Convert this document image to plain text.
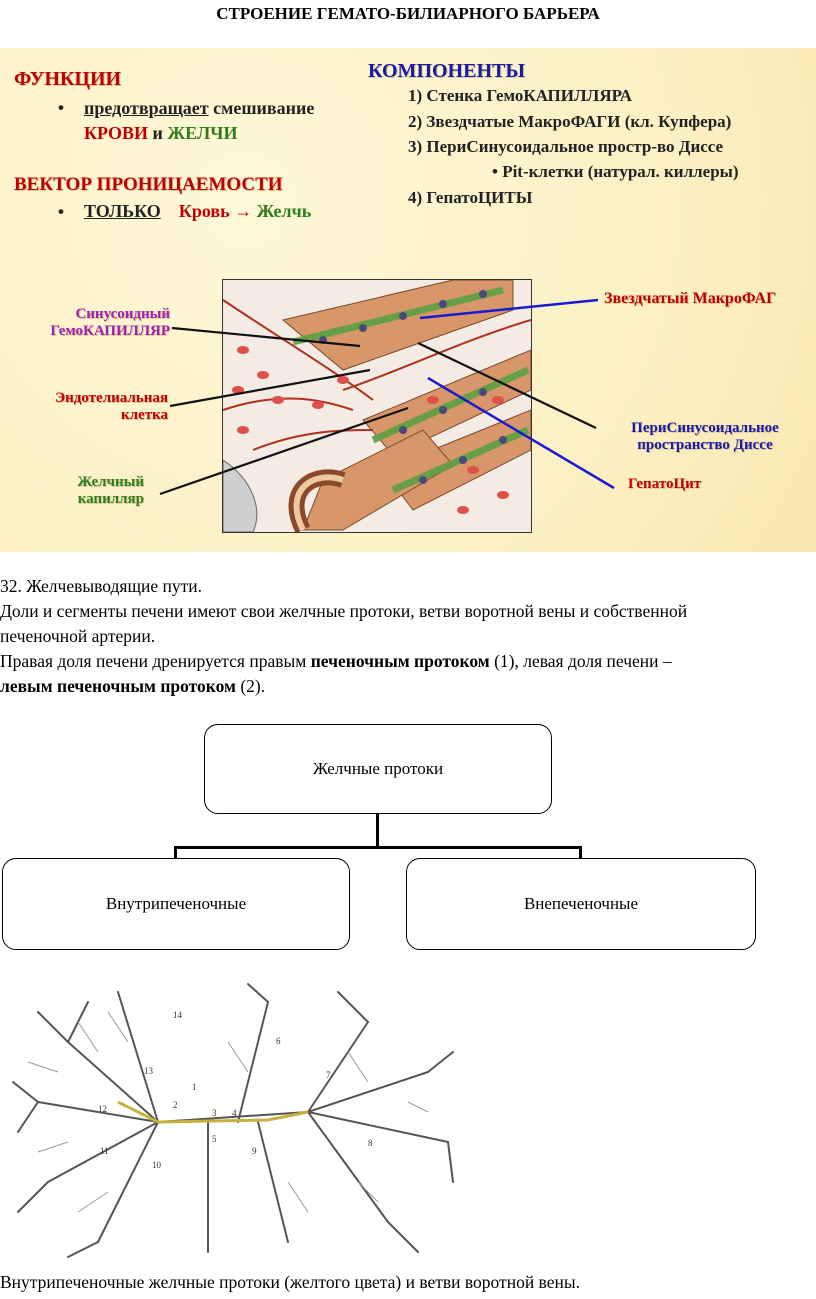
СТРОЕНИЕ ГЕМАТО-БИЛИАРНОГО БАРЬЕРА
ФУНКЦИИ
• предотвращает смешивание
КРОВИ и ЖЕЛЧИ
ВЕКТОР ПРОНИЦАЕМОСТИ
• ТОЛЬКО Кровь → Желчь
КОМПОНЕНТЫ
1) Стенка ГемоКАПИЛЛЯРА
2) Звездчатые МакроФАГИ (кл. Купфера)
3) ПериСинусоидальное простр-во Диссе
• Pit-клетки (натурал. киллеры)
4) ГепатоЦИТЫ
Синусоидный
ГемоКАПИЛЛЯР
Эндотелиальная
клетка
Желчный
капилляр
Звездчатый МакроФАГ
ПериСинусоидальное
пространство Диссе
ГепатоЦит
32. Желчевыводящие пути.
Доли и сегменты печени имеют свои желчные протоки, ветви воротной вены и собственной
печеночной артерии.
Правая доля печени дренируется правым печеночным протоком (1), левая доля печени –
левым печеночным протоком (2).
Желчные протоки
Внутрипеченочные	Внепеченочные
14
6
13	7
1
2
3 4
12
5
11	9
8
10
Внутрипеченочные желчные протоки (желтого цвета) и ветви воротной вены.
